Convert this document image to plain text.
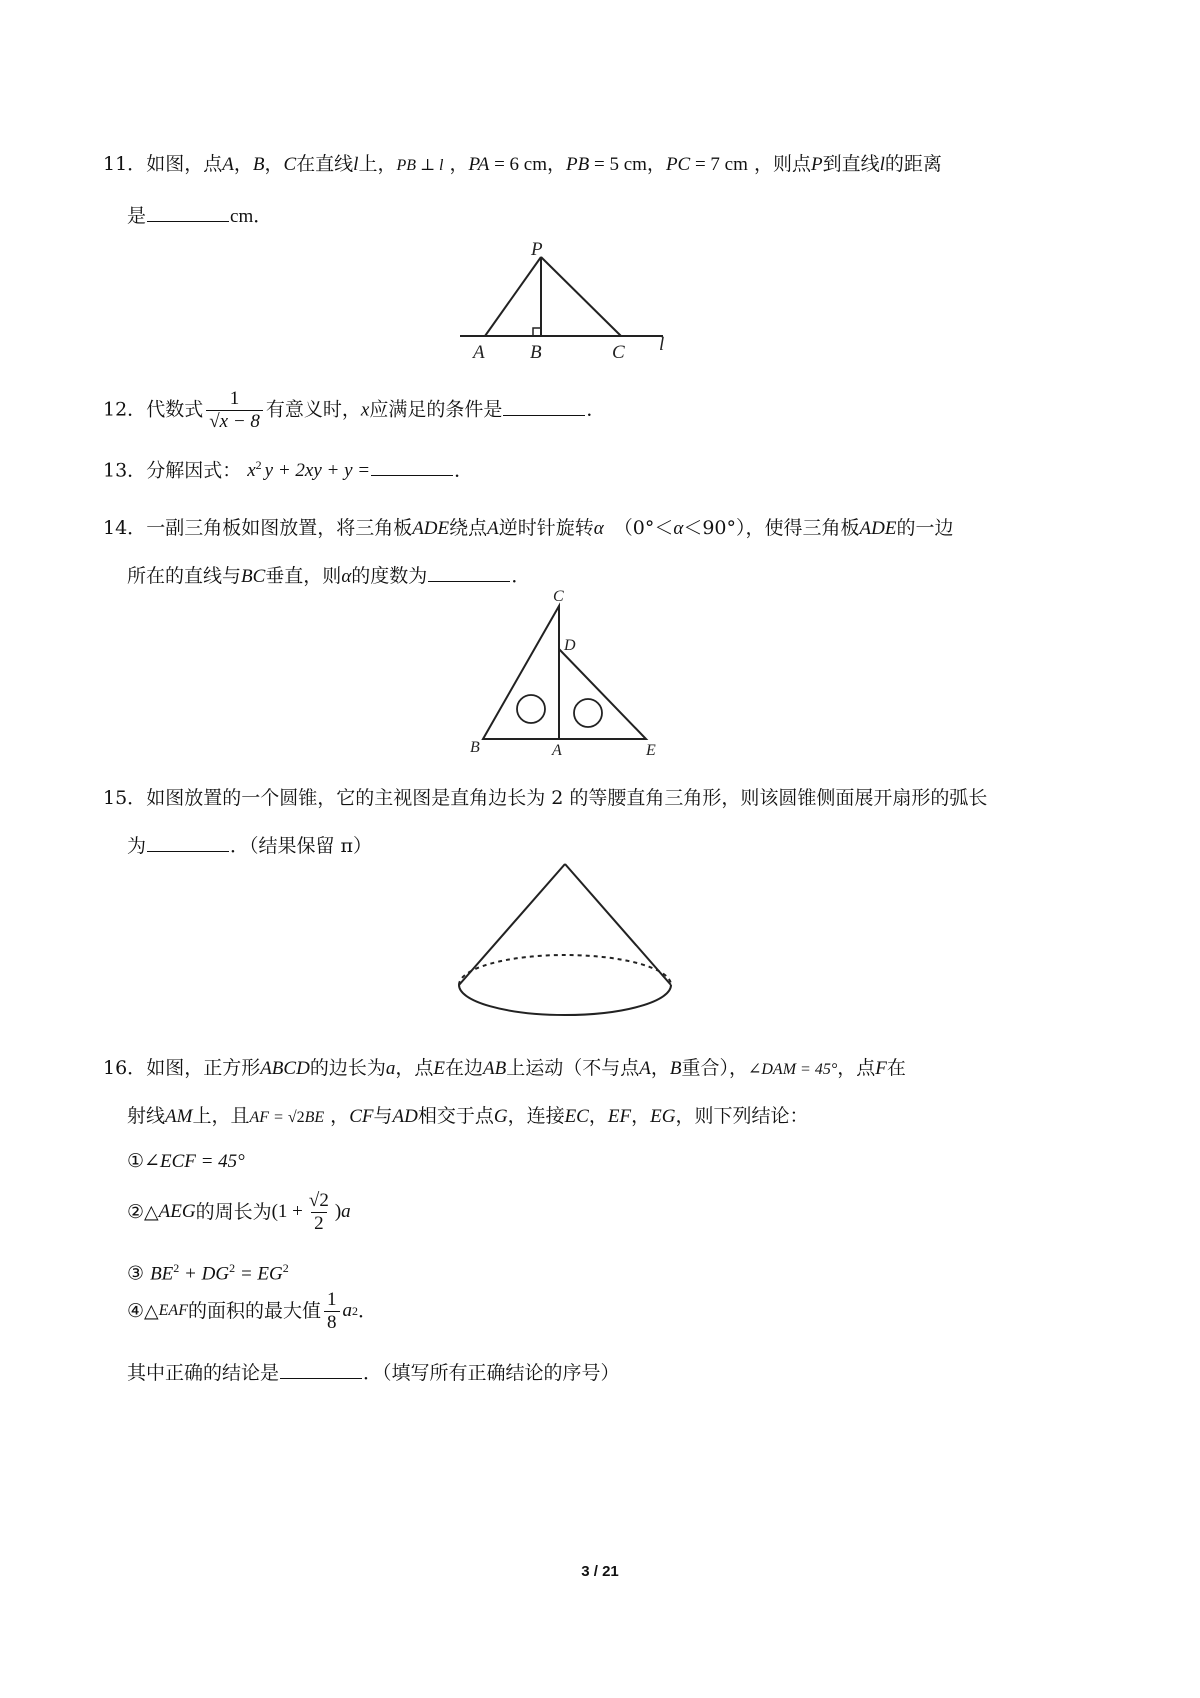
11．如图，点A，B，C在直线l上，PB ⊥ l ，PA = 6 cm，PB = 5 cm，PC = 7 cm ，则点P到直线l的距离
是	cm．
P
A B	C l
12．代数式 $\frac{1}{√x - 8}$ 有意义时，x应满足的条件是	．
13．分解因式： $x^2$ y + 2xy + y =	．
14．一副三角板如图放置，将三角板ADE绕点A逆时针旋转α （0°＜α＜90°），使得三角板ADE的一边
所在的直线与BC垂直，则α的度数为	．
C
D
B	A	E
15．如图放置的一个圆锥，它的主视图是直角边长为 2 的等腰直角三角形，则该圆锥侧面展开扇形的弧长
为	．（结果保留 π）
16．如图，正方形ABCD的边长为a，点E在边AB上运动（不与点A，B重合），∠DAM = 45°，点F在
射线AM上，且AF = √2BE ，CF与AD相交于点G，连接EC，EF，EG，则下列结论：
①∠ECF = 45°
②△ AEG 的周长为 ($1 + \frac{√2}{2}$ ) a
③ $BE^2 + DG^2 = EG^2$
④△ EAF 的面积的最大值 $\frac{1}{8}$ a 2 ．
其中正确的结论是	．（填写所有正确结论的序号）
3 / 21
